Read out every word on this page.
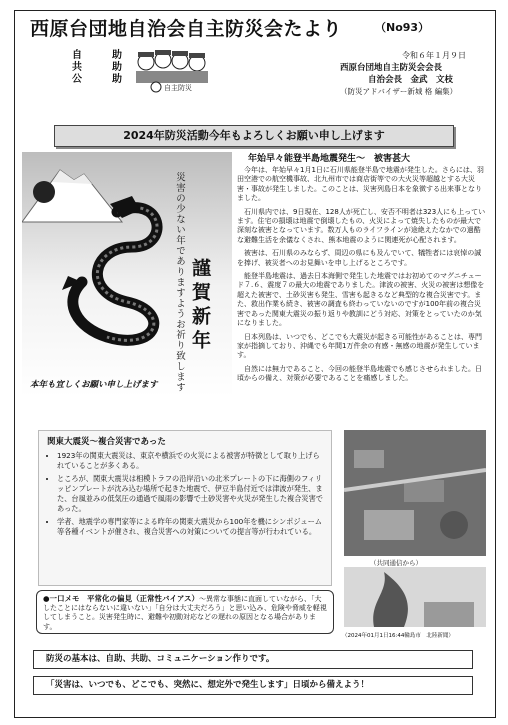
西原台団地自治会自主防災会たより	（No93）
自　助
共　助
公　助
自主防災
令和６年１月９日
西原台団地自主防災会会長
自治会長　金武　文枝
（防災アドバイザー新城 格 編集）
2024年防災活動今年もよろしくお願い申し上げます
災害の少ない年でありますようお祈り致します 謹賀新年
本年も宜しくお願い申し上げます
年始早々能登半島地震発生～　被害甚大

今年は、年始早々1月1日に石川県能登半島で地震が発生した。さらには、羽田空港での航空機事故、北九州市では商店街等での大火災等超越とする大災害・事故が発生しました。このことは、災害列島日本を象徴する出来事となりました。

石川県内では、9日現在、128人が死亡し、安否不明者は323人にも上っています。住宅の損壊は地震で倒壊したもの、火災によって焼失したものが最大で深刻な被害となっています。数万人ものライフラインが途絶えたなかでの過酷な避難生活を余儀なくされ、熊本地震のように関連死が心配されます。

被害は、石川県のみならず、周辺の県にも及んでいて、犠牲者には哀悼の誠を捧げ、被災者へのお見舞いを申し上げるところです。

能登半島地震は、過去日本海側で発生した地震ではお初めてのマグニチュード７.６、震度７の最大の地震でありました。津波の被害、火災の被害は想像を超えた被害で、土砂災害も発生、雪害も起きるなど典型的な複合災害です。また、救出作業も続き、被害の調査も終わっていないのですが100年前の複合災害であった関東大震災の振り返りや教訓にどう対応、対策をとっていたのか気になりました。

日本列島は、いつでも、どこでも大震災が起きる可能性があることは、専門家が指摘しており、沖縄でも年間1万件余の有感・無感の地震が発生しています。

自然には無力であること、今回の能登半島地震でも感じさせられました。日頃からの備え、対策が必要であることを痛感しました。

関東大震災～複合災害であった
• 1923年の関東大震災は、東京や横浜での火災による被害が特徴として取り上げられていることが多くある。
• ところが、関東大震災は相模トラフの沿岸沿いの北米プレートの下に海側のフィリッピンプレートが沈み込む場所で起きた地震で、伊豆半島付近では津波が発生、また、台風並みの低気圧の通過で風雨の影響で土砂災害や火災が発生した複合災害であった。
• 学者、地震学の専門家等による昨年の関東大震災から100年を機にシンポジューム等各種イベントが催され、複合災害への対策についての提言等が行われている。
（共同通信から）
（2024年01月1日16:44輪島市　北陸新聞）
●一口メモ　平常化の偏見（正常性バイアス）～異常な事態に直面していながら、「大したことにはならないに違いない」「自分は大丈夫だろう」と思い込み、危険や脅威を軽視してしまうこと。災害発生時に、避難や初動対応などの遅れの原因となる場合があります。
防災の基本は、自助、共助、コミュニケーション作りです。
「災害は、いつでも、どこでも、突然に、想定外で発生します」日頃から備えよう！
